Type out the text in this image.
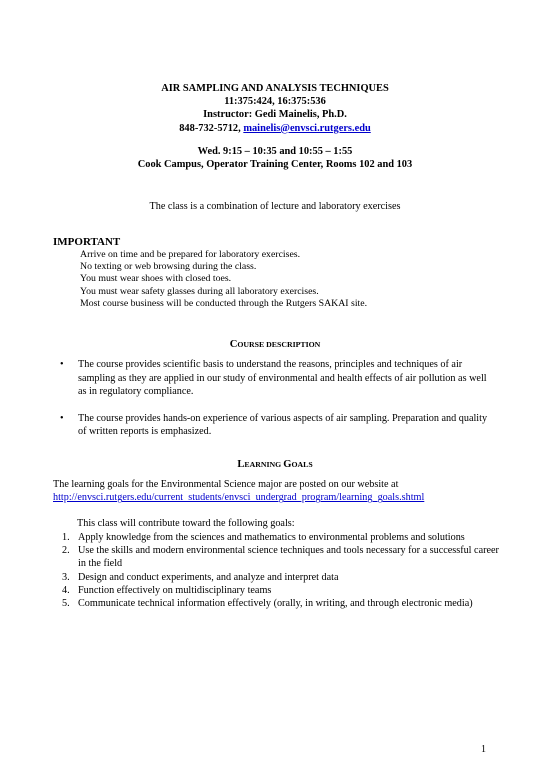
AIR SAMPLING AND ANALYSIS TECHNIQUES
11:375:424, 16:375:536
Instructor: Gedi Mainelis, Ph.D.
848-732-5712, mainelis@envsci.rutgers.edu
Wed. 9:15 – 10:35 and 10:55 – 1:55
Cook Campus, Operator Training Center, Rooms 102 and 103
The class is a combination of lecture and laboratory exercises
IMPORTANT
Arrive on time and be prepared for laboratory exercises.
No texting or web browsing during the class.
You must wear shoes with closed toes.
You must wear safety glasses during all laboratory exercises.
Most course business will be conducted through the Rutgers SAKAI site.
COURSE DESCRIPTION
• The course provides scientific basis to understand the reasons, principles and techniques of air sampling as they are applied in our study of environmental and health effects of air pollution as well as in regulatory compliance.
• The course provides hands-on experience of various aspects of air sampling. Preparation and quality of written reports is emphasized.
LEARNING GOALS
The learning goals for the Environmental Science major are posted on our website at
http://envsci.rutgers.edu/current_students/envsci_undergrad_program/learning_goals.shtml
This class will contribute toward the following goals:
1. Apply knowledge from the sciences and mathematics to environmental problems and solutions
2. Use the skills and modern environmental science techniques and tools necessary for a successful career in the field
3. Design and conduct experiments, and analyze and interpret data
4. Function effectively on multidisciplinary teams
5. Communicate technical information effectively (orally, in writing, and through electronic media)
1
